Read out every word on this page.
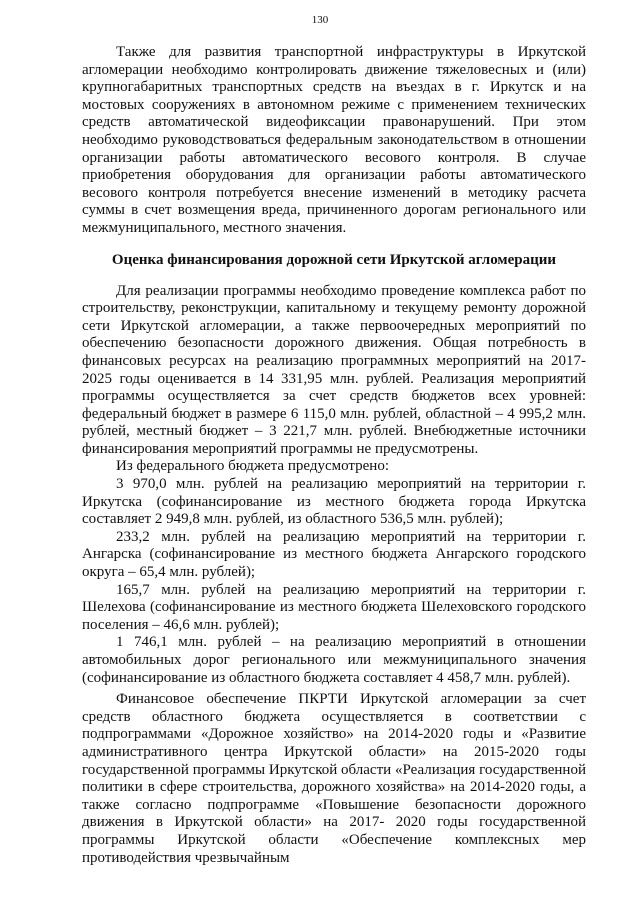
130

Также для развития транспортной инфраструктуры в Иркутской агломерации необходимо контролировать движение тяжеловесных и (или) крупногабаритных транспортных средств на въездах в г. Иркутск и на мостовых сооружениях в автономном режиме с применением технических средств автоматической видеофиксации правонарушений. При этом необходимо руководствоваться федеральным законодательством в отношении организации работы автоматического весового контроля. В случае приобретения оборудования для организации работы автоматического весового контроля потребуется внесение изменений в методику расчета суммы в счет возмещения вреда, причиненного дорогам регионального или межмуниципального, местного значения.

Оценка финансирования дорожной сети Иркутской агломерации

Для реализации программы необходимо проведение комплекса работ по строительству, реконструкции, капитальному и текущему ремонту дорожной сети Иркутской агломерации, а также первоочередных мероприятий по обеспечению безопасности дорожного движения. Общая потребность в финансовых ресурсах на реализацию программных мероприятий на 2017-2025 годы оценивается в 14 331,95 млн. рублей. Реализация мероприятий программы осуществляется за счет средств бюджетов всех уровней: федеральный бюджет в размере 6 115,0 млн. рублей, областной – 4 995,2 млн. рублей, местный бюджет – 3 221,7 млн. рублей. Внебюджетные источники финансирования мероприятий программы не предусмотрены.

Из федерального бюджета предусмотрено:

3 970,0 млн. рублей на реализацию мероприятий на территории г. Иркутска (софинансирование из местного бюджета города Иркутска составляет 2 949,8 млн. рублей, из областного 536,5 млн. рублей);

233,2 млн. рублей на реализацию мероприятий на территории г. Ангарска (софинансирование из местного бюджета Ангарского городского округа – 65,4 млн. рублей);

165,7 млн. рублей на реализацию мероприятий на территории г. Шелехова (софинансирование из местного бюджета Шелеховского городского поселения – 46,6 млн. рублей);

1 746,1 млн. рублей – на реализацию мероприятий в отношении автомобильных дорог регионального или межмуниципального значения (софинансирование из областного бюджета составляет 4 458,7 млн. рублей).

Финансовое обеспечение ПКРТИ Иркутской агломерации за счет средств областного бюджета осуществляется в соответствии с подпрограммами «Дорожное хозяйство» на 2014-2020 годы и «Развитие административного центра Иркутской области» на 2015-2020 годы государственной программы Иркутской области «Реализация государственной политики в сфере строительства, дорожного хозяйства» на 2014-2020 годы, а также согласно подпрограмме «Повышение безопасности дорожного движения в Иркутской области» на 2017- 2020 годы государственной программы Иркутской области «Обеспечение комплексных мер противодействия чрезвычайным
